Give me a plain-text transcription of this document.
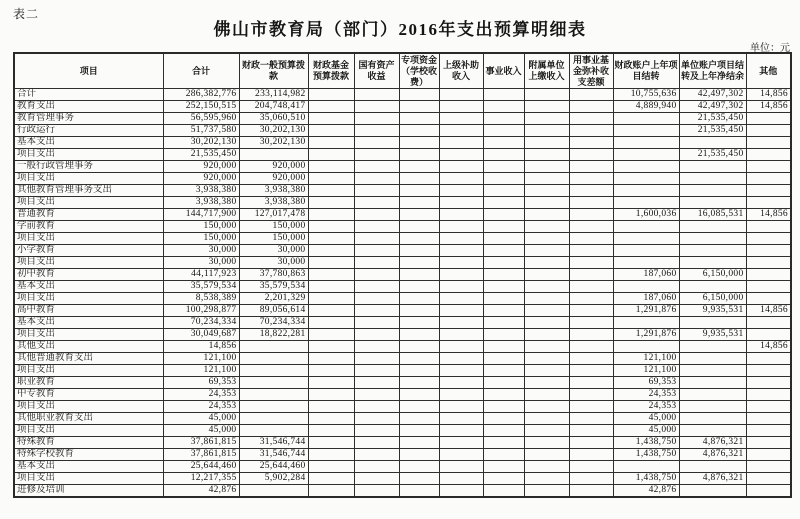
表二
佛山市教育局（部门）2016年支出预算明细表
单位：元
项目	合计	财政一般预算拨款	财政基金预算拨款	国有资产收益	专项资金（学校收费）	上级补助收入	事业收入	附属单位上缴收入	用事业基金弥补收支差额	财政账户上年项目结转	单位账户项目结转及上年净结余	其他
合计	286,382,776	233,114,982								10,755,636	42,497,302	14,856
教育支出	252,150,515	204,748,417								4,889,940	42,497,302	14,856
教育管理事务	56,595,960	35,060,510									21,535,450	
行政运行	51,737,580	30,202,130									21,535,450	
基本支出	30,202,130	30,202,130										
项目支出	21,535,450										21,535,450	
一般行政管理事务	920,000	920,000										
项目支出	920,000	920,000										
其他教育管理事务支出	3,938,380	3,938,380										
项目支出	3,938,380	3,938,380										
普通教育	144,717,900	127,017,478								1,600,036	16,085,531	14,856
学前教育	150,000	150,000										
项目支出	150,000	150,000										
小学教育	30,000	30,000										
项目支出	30,000	30,000										
初中教育	44,117,923	37,780,863								187,060	6,150,000	
基本支出	35,579,534	35,579,534										
项目支出	8,538,389	2,201,329								187,060	6,150,000	
高中教育	100,298,877	89,056,614								1,291,876	9,935,531	14,856
基本支出	70,234,334	70,234,334										
项目支出	30,049,687	18,822,281								1,291,876	9,935,531	
其他支出	14,856											14,856
其他普通教育支出	121,100									121,100		
项目支出	121,100									121,100		
职业教育	69,353									69,353		
中专教育	24,353									24,353		
项目支出	24,353									24,353		
其他职业教育支出	45,000									45,000		
项目支出	45,000									45,000		
特殊教育	37,861,815	31,546,744								1,438,750	4,876,321	
特殊学校教育	37,861,815	31,546,744								1,438,750	4,876,321	
基本支出	25,644,460	25,644,460										
项目支出	12,217,355	5,902,284								1,438,750	4,876,321	
进修及培训	42,876									42,876		
